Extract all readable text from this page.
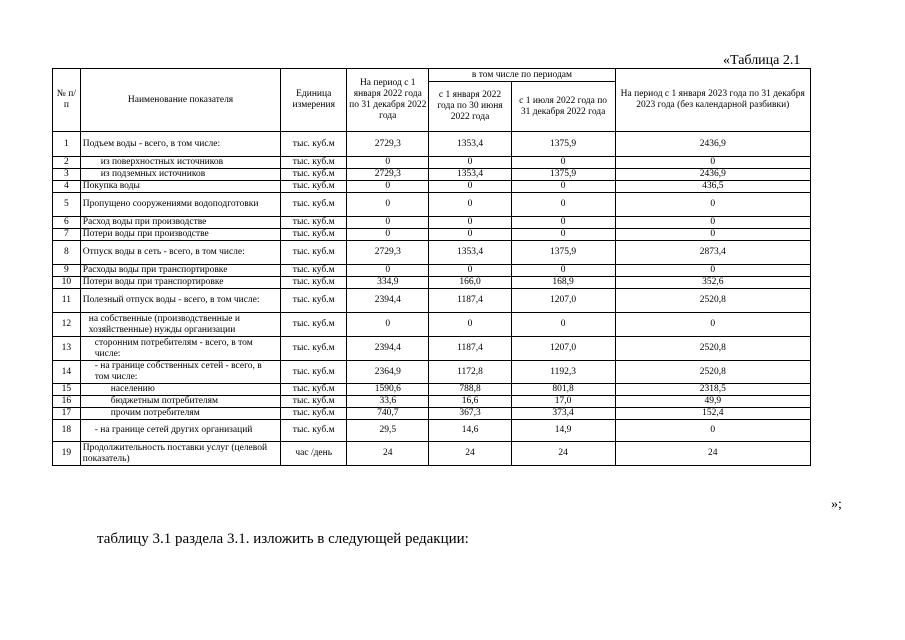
«Таблица 2.1
№ п/п	Наименование показателя	Единица измерения	На период с 1 января 2022 года по 31 декабря 2022 года	в том числе по периодам		На период с 1 января 2023 года по 31 декабря 2023 года (без календарной разбивки)
				с 1 января 2022 года по 30 июня 2022 года	с 1 июля 2022 года по 31 декабря 2022 года	
1	Подъем воды - всего, в том числе:	тыс. куб.м	2729,3	1353,4	1375,9	2436,9
2	из поверхностных источников	тыс. куб.м	0	0	0	0
3	из подземных источников	тыс. куб.м	2729,3	1353,4	1375,9	2436,9
4	Покупка воды	тыс. куб.м	0	0	0	436,5
5	Пропущено сооружениями водоподготовки	тыс. куб.м	0	0	0	0
6	Расход воды при производстве	тыс. куб.м	0	0	0	0
7	Потери воды при производстве	тыс. куб.м	0	0	0	0
8	Отпуск воды в сеть - всего, в том числе:	тыс. куб.м	2729,3	1353,4	1375,9	2873,4
9	Расходы воды при транспортировке	тыс. куб.м	0	0	0	0
10	Потери воды при транспортировке	тыс. куб.м	334,9	166,0	168,9	352,6
11	Полезный отпуск воды - всего, в том числе:	тыс. куб.м	2394,4	1187,4	1207,0	2520,8
12	на собственные (производственные и хозяйственные) нужды организации	тыс. куб.м	0	0	0	0
13	сторонним потребителям - всего, в том числе:	тыс. куб.м	2394,4	1187,4	1207,0	2520,8
14	- на границе собственных сетей - всего, в том числе:	тыс. куб.м	2364,9	1172,8	1192,3	2520,8
15	населению	тыс. куб.м	1590,6	788,8	801,8	2318,5
16	бюджетным потребителям	тыс. куб.м	33,6	16,6	17,0	49,9
17	прочим потребителям	тыс. куб.м	740,7	367,3	373,4	152,4
18	- на границе сетей других организаций	тыс. куб.м	29,5	14,6	14,9	0
19	Продолжительность поставки услуг (целевой показатель)	час /день	24	24	24	24
»;
таблицу 3.1 раздела 3.1. изложить в следующей редакции:
